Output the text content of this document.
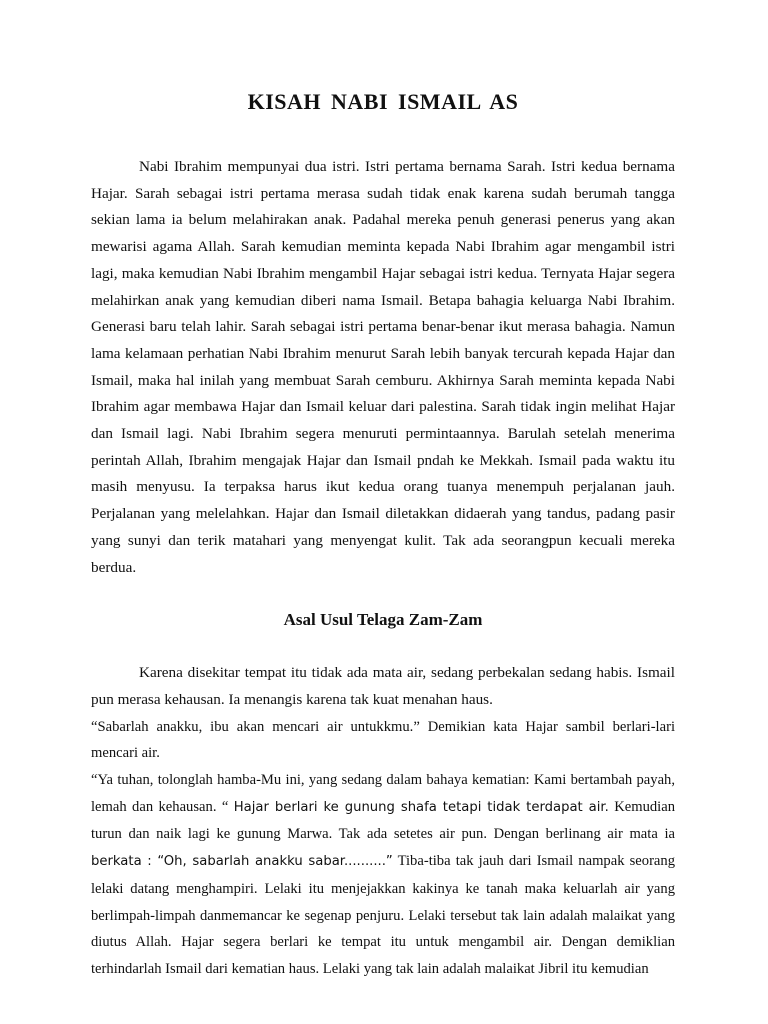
KISAH NABI ISMAIL AS

Nabi Ibrahim mempunyai dua istri. Istri pertama bernama Sarah. Istri kedua bernama Hajar. Sarah sebagai istri pertama merasa sudah tidak enak karena sudah berumah tangga sekian lama ia belum melahirakan anak. Padahal mereka penuh generasi penerus yang akan mewarisi agama Allah. Sarah kemudian meminta kepada Nabi Ibrahim agar mengambil istri lagi, maka kemudian Nabi Ibrahim mengambil Hajar sebagai istri kedua. Ternyata Hajar segera melahirkan anak yang kemudian diberi nama Ismail. Betapa bahagia keluarga Nabi Ibrahim. Generasi baru telah lahir. Sarah sebagai istri pertama benar-benar ikut merasa bahagia. Namun lama kelamaan perhatian Nabi Ibrahim menurut Sarah lebih banyak tercurah kepada Hajar dan Ismail, maka hal inilah yang membuat Sarah cemburu. Akhirnya Sarah meminta kepada Nabi Ibrahim agar membawa Hajar dan Ismail keluar dari palestina. Sarah tidak ingin melihat Hajar dan Ismail lagi. Nabi Ibrahim segera menuruti permintaannya. Barulah setelah menerima perintah Allah, Ibrahim mengajak Hajar dan Ismail pndah ke Mekkah. Ismail pada waktu itu masih menyusu. Ia terpaksa harus ikut kedua orang tuanya menempuh perjalanan jauh. Perjalanan yang melelahkan. Hajar dan Ismail diletakkan didaerah yang tandus, padang pasir yang sunyi dan terik matahari yang menyengat kulit. Tak ada seorangpun kecuali mereka berdua.

Asal Usul Telaga Zam-Zam

Karena disekitar tempat itu tidak ada mata air, sedang perbekalan sedang habis. Ismail pun merasa kehausan. Ia menangis karena tak kuat menahan haus.

“Sabarlah anakku, ibu akan mencari air untukkmu.” Demikian kata Hajar sambil berlari-lari mencari air.

“Ya tuhan, tolonglah hamba-Mu ini, yang sedang dalam bahaya kematian: Kami bertambah payah, lemah dan kehausan. “ Hajar berlari ke gunung shafa tetapi tidak terdapat air. Kemudian turun dan naik lagi ke gunung Marwa. Tak ada setetes air pun. Dengan berlinang air mata ia berkata : “Oh, sabarlah anakku sabar..........” Tiba-tiba tak jauh dari Ismail nampak seorang lelaki datang menghampiri. Lelaki itu menjejakkan kakinya ke tanah maka keluarlah air yang berlimpah-limpah danmemancar ke segenap penjuru. Lelaki tersebut tak lain adalah malaikat yang diutus Allah. Hajar segera berlari ke tempat itu untuk mengambil air. Dengan demiklian terhindarlah Ismail dari kematian haus. Lelaki yang tak lain adalah malaikat Jibril itu kemudian
